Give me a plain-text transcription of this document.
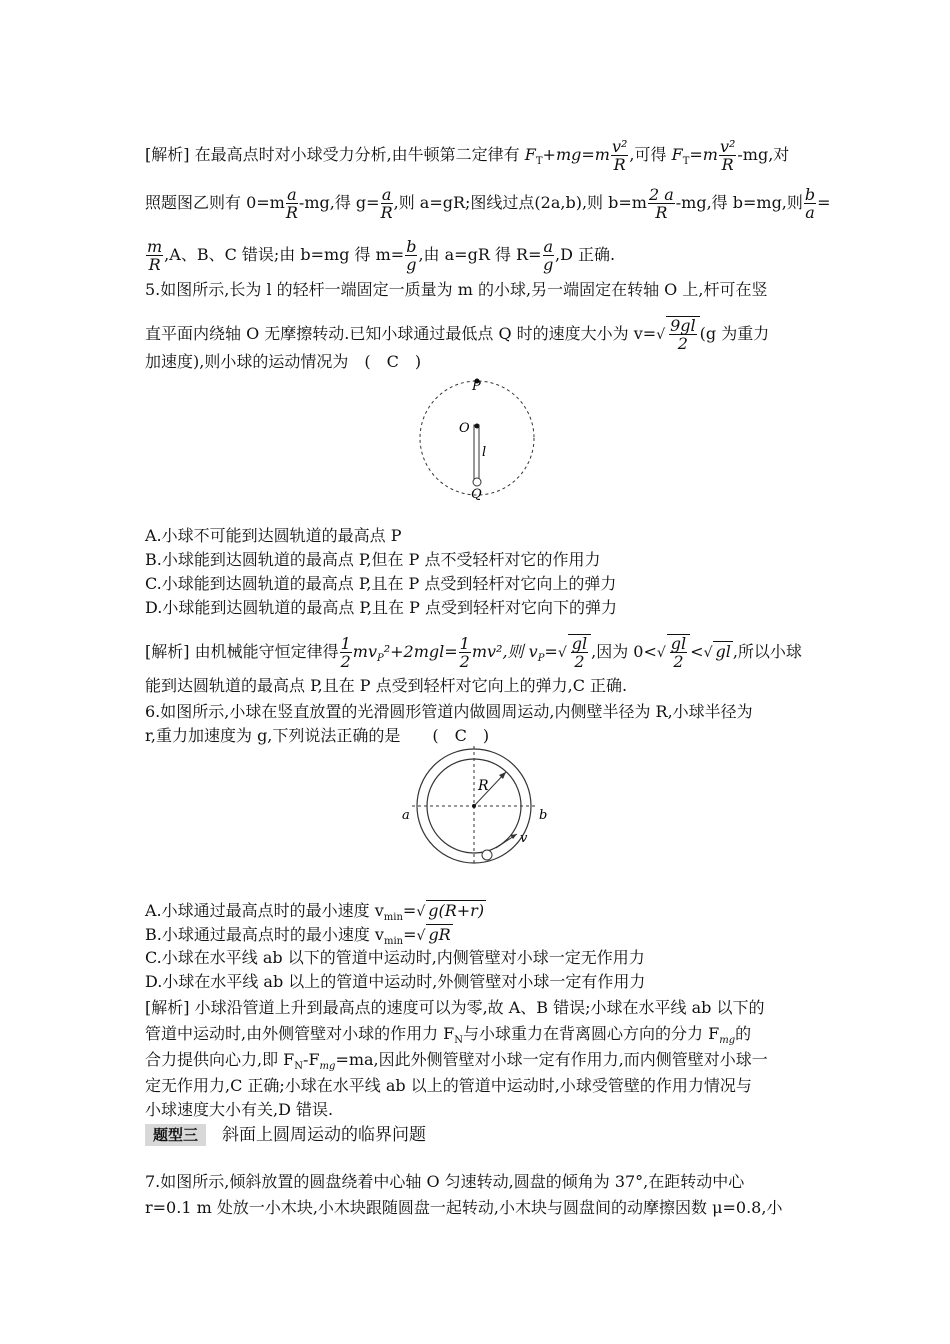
[解析] 在最高点时对小球受力分析,由牛顿第二定律有 $F_T+mg=m \frac{\text{v²}}{R}$ ,可得 $F_T=m \frac{\text{v²}}{R} -mg$,对
照题图乙则有 $0=m \frac{a}{R} -mg$,得 $g= \frac{a}{R}$ ,则 a=gR;图线过点(2a,b),则 $b=m \frac{2 a}{R} -mg$,得 b=mg,则 $\frac{b}{a}$ =
$\frac{m}{R} ,A$、B、C 错误;由 b=mg 得 $m= \frac{b}{g}$ ,由 a=gR 得 $R= \frac{a}{g} ,D$ 正确.
5.如图所示,长为 l 的轻杆一端固定一质量为 m 的小球,另一端固定在转轴 O 上,杆可在竖
直平面内绕轴 O 无摩擦转动.已知小球通过最低点 Q 时的速度大小为 $v=√ \frac{9gl}{2} (g$ 为重力
加速度),则小球的运动情况为　(　C　)
P
O
l
Q
A.小球不可能到达圆轨道的最高点 P
B.小球能到达圆轨道的最高点 P,但在 P 点不受轻杆对它的作用力
C.小球能到达圆轨道的最高点 P,且在 P 点受到轻杆对它向上的弹力
D.小球能到达圆轨道的最高点 P,且在 P 点受到轻杆对它向下的弹力
[解析] 由机械能守恒定律得 $\frac{1}{2} mv_P^2+2mgl= \frac{1}{2} mv^2$,则 $v_P=√ \frac{gl}{2}$ ,因为 $0<√ \frac{gl}{2}$ <√ gl ,所以小球
能到达圆轨道的最高点 P,且在 P 点受到轻杆对它向上的弹力,C 正确.
6.如图所示,小球在竖直放置的光滑圆形管道内做圆周运动,内侧壁半径为 R,小球半径为
r,重力加速度为 g,下列说法正确的是　　(　C　)
R
a	b
v
A.小球通过最高点时的最小速度 $v_{min}=√$ g(R+r)
B.小球通过最高点时的最小速度 $v_{min}=√$ gR
C.小球在水平线 ab 以下的管道中运动时,内侧管壁对小球一定无作用力
D.小球在水平线 ab 以上的管道中运动时,外侧管壁对小球一定有作用力
[解析] 小球沿管道上升到最高点的速度可以为零,故 A、B 错误;小球在水平线 ab 以下的
管道中运动时,由外侧管壁对小球的作用力 $F_N$与小球重力在背离圆心方向的分力 $F_{mg}$的
合力提供向心力,即 $F_N-F_{mg}=ma$,因此外侧管壁对小球一定有作用力,而内侧管壁对小球一
定无作用力,C 正确;小球在水平线 ab 以上的管道中运动时,小球受管壁的作用力情况与
小球速度大小有关,D 错误.
题型三 斜面上圆周运动的临界问题
7.如图所示,倾斜放置的圆盘绕着中心轴 O 匀速转动,圆盘的倾角为 37°,在距转动中心
r=0.1 m 处放一小木块,小木块跟随圆盘一起转动,小木块与圆盘间的动摩擦因数 μ=0.8,小
